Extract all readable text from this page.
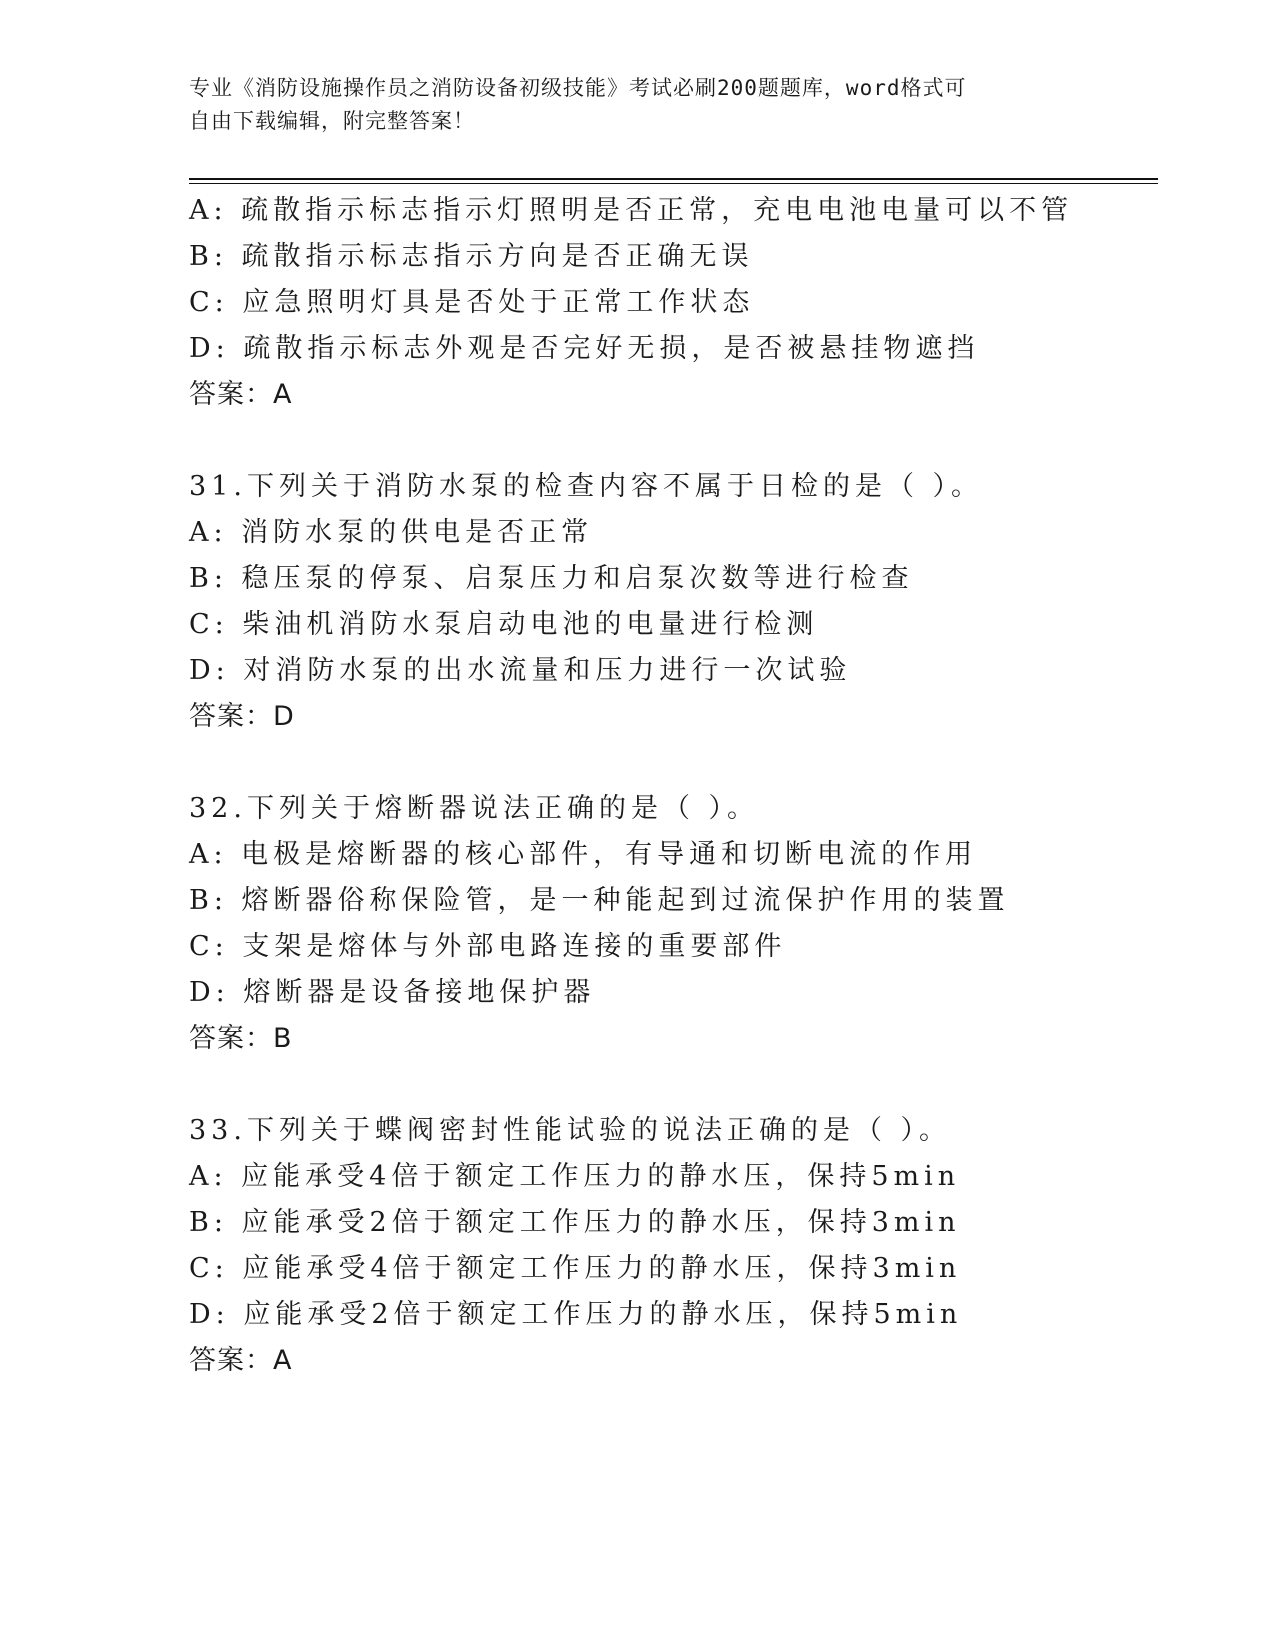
专业《消防设施操作员之消防设备初级技能》考试必刷200题题库，word格式可
自由下载编辑，附完整答案！
A: 疏散指示标志指示灯照明是否正常，充电电池电量可以不管
B: 疏散指示标志指示方向是否正确无误
C: 应急照明灯具是否处于正常工作状态
D: 疏散指示标志外观是否完好无损，是否被悬挂物遮挡
答案：A
31.下列关于消防水泵的检查内容不属于日检的是（ ）。
A: 消防水泵的供电是否正常
B: 稳压泵的停泵、启泵压力和启泵次数等进行检查
C: 柴油机消防水泵启动电池的电量进行检测
D: 对消防水泵的出水流量和压力进行一次试验
答案：D
32.下列关于熔断器说法正确的是（ ）。
A: 电极是熔断器的核心部件，有导通和切断电流的作用
B: 熔断器俗称保险管，是一种能起到过流保护作用的装置
C: 支架是熔体与外部电路连接的重要部件
D: 熔断器是设备接地保护器
答案：B
33.下列关于蝶阀密封性能试验的说法正确的是（ ）。
A: 应能承受4倍于额定工作压力的静水压，保持5min
B: 应能承受2倍于额定工作压力的静水压，保持3min
C: 应能承受4倍于额定工作压力的静水压，保持3min
D: 应能承受2倍于额定工作压力的静水压，保持5min
答案：A
